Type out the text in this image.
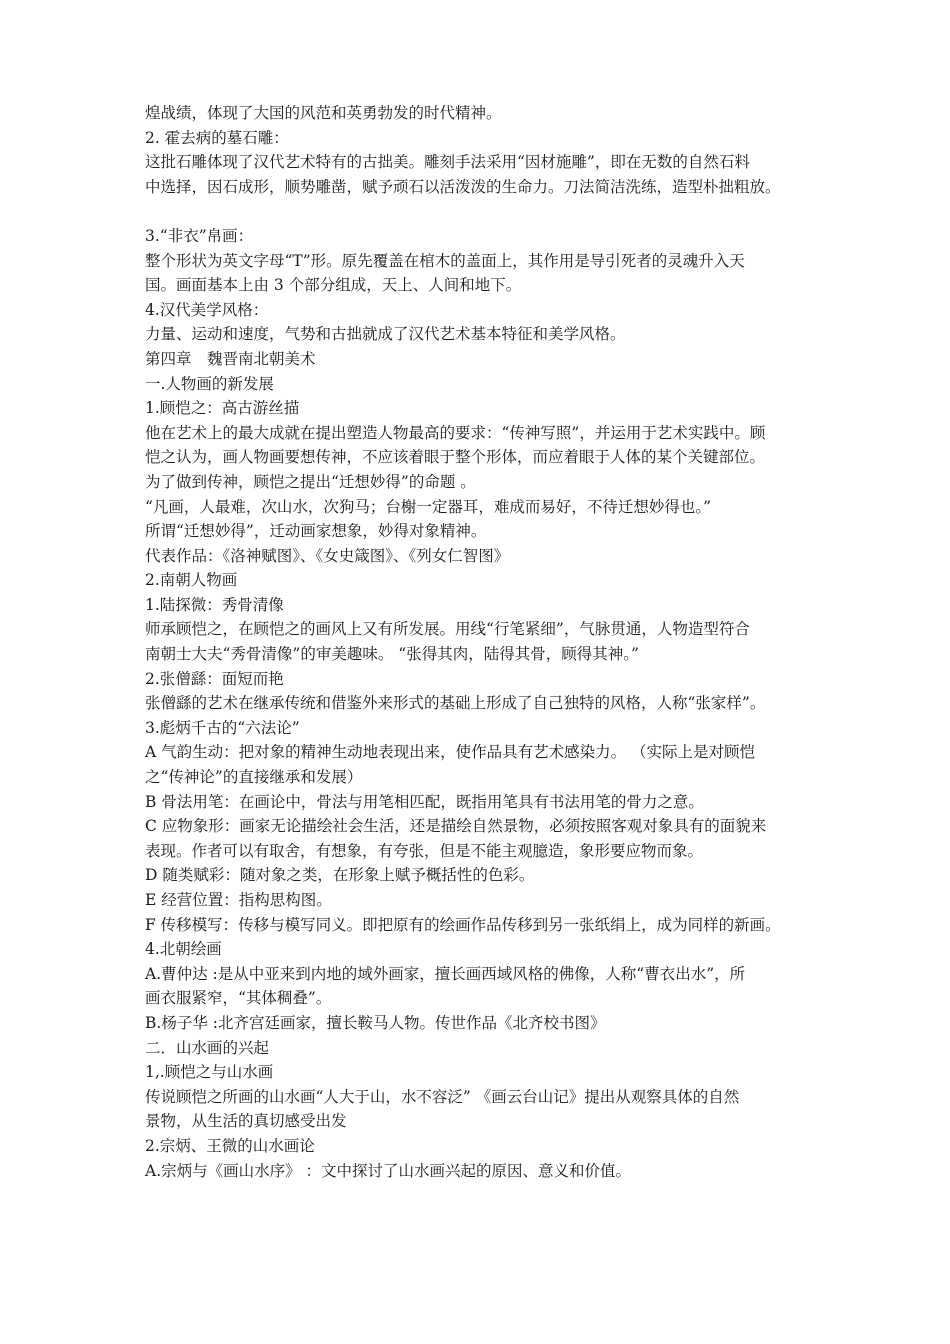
煌战绩，体现了大国的风范和英勇勃发的时代精神。
2. 霍去病的墓石雕：
这批石雕体现了汉代艺术特有的古拙美。雕刻手法采用“因材施雕”，即在无数的自然石料
中选择，因石成形，顺势雕凿，赋予顽石以活泼泼的生命力。刀法简洁洗练，造型朴拙粗放。
3.“非衣”帛画：
整个形状为英文字母“T”形。原先覆盖在棺木的盖面上，其作用是导引死者的灵魂升入天
国。画面基本上由 3 个部分组成，天上、人间和地下。
4.汉代美学风格：
力量、运动和速度，气势和古拙就成了汉代艺术基本特征和美学风格。
第四章　魏晋南北朝美术
一.人物画的新发展
1.顾恺之：高古游丝描
他在艺术上的最大成就在提出塑造人物最高的要求：“传神写照”，并运用于艺术实践中。顾
恺之认为，画人物画要想传神，不应该着眼于整个形体，而应着眼于人体的某个关键部位。
为了做到传神，顾恺之提出“迁想妙得”的命题 。
“凡画，人最难，次山水，次狗马；台榭一定器耳，难成而易好，不待迁想妙得也。”
所谓“迁想妙得”，迁动画家想象，妙得对象精神。
代表作品：《洛神赋图》、《女史箴图》、《列女仁智图》
2.南朝人物画
1.陆探微：秀骨清像
师承顾恺之，在顾恺之的画风上又有所发展。用线“行笔紧细”，气脉贯通，人物造型符合
南朝士大夫“秀骨清像”的审美趣味。 “张得其肉，陆得其骨，顾得其神。”
2.张僧繇：面短而艳
张僧繇的艺术在继承传统和借鉴外来形式的基础上形成了自己独特的风格，人称“张家样”。
3.彪炳千古的“六法论”
A 气韵生动：把对象的精神生动地表现出来，使作品具有艺术感染力。 （实际上是对顾恺
之“传神论”的直接继承和发展）
B 骨法用笔：在画论中，骨法与用笔相匹配，既指用笔具有书法用笔的骨力之意。
C 应物象形：画家无论描绘社会生活，还是描绘自然景物，必须按照客观对象具有的面貌来
表现。作者可以有取舍，有想象，有夸张，但是不能主观臆造，象形要应物而象。
D 随类赋彩：随对象之类，在形象上赋予概括性的色彩。
E 经营位置：指构思构图。
F 传移模写：传移与模写同义。即把原有的绘画作品传移到另一张纸绢上，成为同样的新画。
4.北朝绘画
A.曹仲达 :是从中亚来到内地的域外画家，擅长画西域风格的佛像，人称“曹衣出水”，所
画衣服紧窄，“其体稠叠”。
B.杨子华 :北齐宫廷画家，擅长鞍马人物。传世作品《北齐校书图》
二．山水画的兴起
1,.顾恺之与山水画
传说顾恺之所画的山水画“人大于山，水不容泛” 《画云台山记》提出从观察具体的自然
景物，从生活的真切感受出发
2.宗炳、王微的山水画论
A.宗炳与《画山水序》 ：文中探讨了山水画兴起的原因、意义和价值。
